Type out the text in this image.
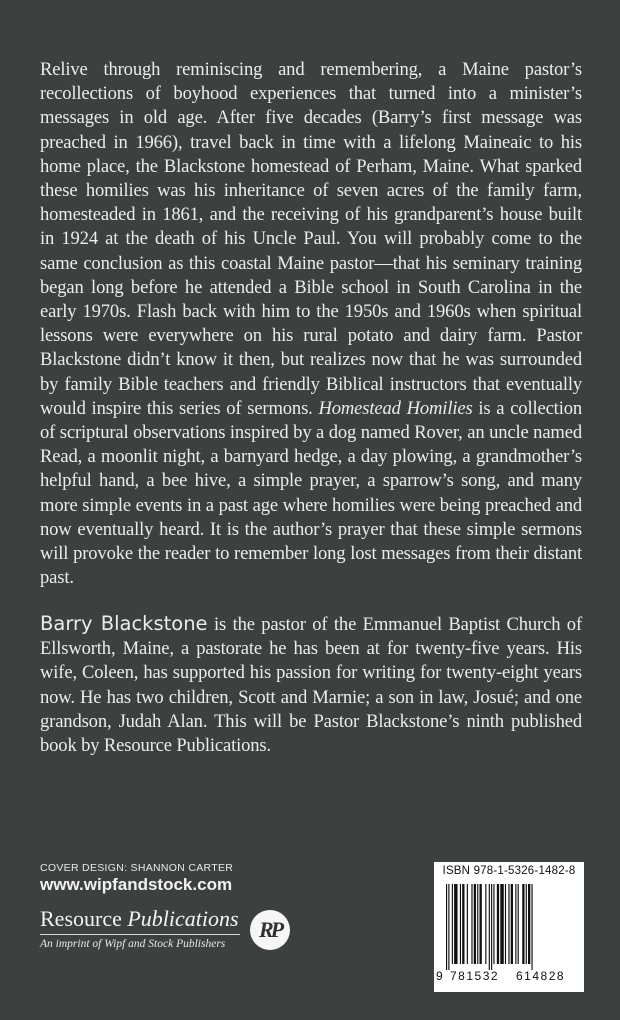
Relive through reminiscing and remembering, a Maine pastor’s recollections of boyhood experiences that turned into a minister’s messages in old age. After five decades (Barry’s first message was preached in 1966), travel back in time with a lifelong Maineaic to his home place, the Blackstone homestead of Perham, Maine. What sparked these homilies was his inheritance of seven acres of the family farm, homesteaded in 1861, and the receiving of his grandparent’s house built in 1924 at the death of his Uncle Paul. You will probably come to the same conclusion as this coastal Maine pastor—that his seminary training began long before he attended a Bible school in South Carolina in the early 1970s. Flash back with him to the 1950s and 1960s when spiritual lessons were everywhere on his rural potato and dairy farm. Pastor Blackstone didn’t know it then, but realizes now that he was surrounded by family Bible teachers and friendly Biblical instructors that eventually would inspire this series of sermons. Homestead Homilies is a collection of scriptural observations inspired by a dog named Rover, an uncle named Read, a moonlit night, a barnyard hedge, a day plowing, a grandmother’s helpful hand, a bee hive, a simple prayer, a sparrow’s song, and many more simple events in a past age where homilies were being preached and now eventually heard. It is the author’s prayer that these simple sermons will provoke the reader to remember long lost messages from their distant past.
Barry Blackstone is the pastor of the Emmanuel Baptist Church of Ellsworth, Maine, a pastorate he has been at for twenty-five years. His wife, Coleen, has supported his passion for writing for twenty-eight years now. He has two children, Scott and Marnie; a son in law, Josué; and one grandson, Judah Alan. This will be Pastor Blackstone’s ninth published book by Resource Publications.
COVER DESIGN: SHANNON CARTER
www.wipfandstock.com
Resource Publications
An imprint of Wipf and Stock Publishers
RP
ISBN 978-1-5326-1482-8
9 781532 614828
